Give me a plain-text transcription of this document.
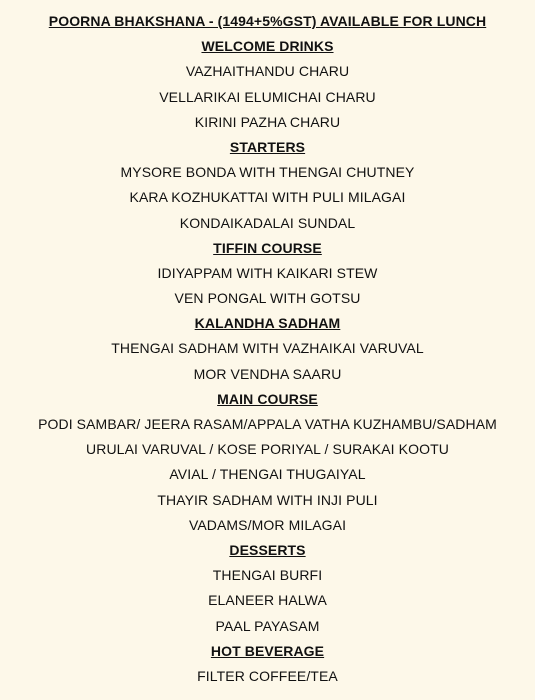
POORNA BHAKSHANA - (1494+5%GST) AVAILABLE FOR LUNCH
WELCOME DRINKS
VAZHAITHANDU CHARU
VELLARIKAI ELUMICHAI CHARU
KIRINI PAZHA CHARU
STARTERS
MYSORE BONDA WITH THENGAI CHUTNEY
KARA KOZHUKATTAI WITH PULI MILAGAI
KONDAIKADALAI SUNDAL
TIFFIN COURSE
IDIYAPPAM WITH KAIKARI STEW
VEN PONGAL WITH GOTSU
KALANDHA SADHAM
THENGAI SADHAM WITH VAZHAIKAI VARUVAL
MOR VENDHA SAARU
MAIN COURSE
PODI SAMBAR/ JEERA RASAM/APPALA VATHA KUZHAMBU/SADHAM
URULAI VARUVAL / KOSE PORIYAL / SURAKAI KOOTU
AVIAL / THENGAI THUGAIYAL
THAYIR SADHAM WITH INJI PULI
VADAMS/MOR MILAGAI
DESSERTS
THENGAI BURFI
ELANEER HALWA
PAAL PAYASAM
HOT BEVERAGE
FILTER COFFEE/TEA
